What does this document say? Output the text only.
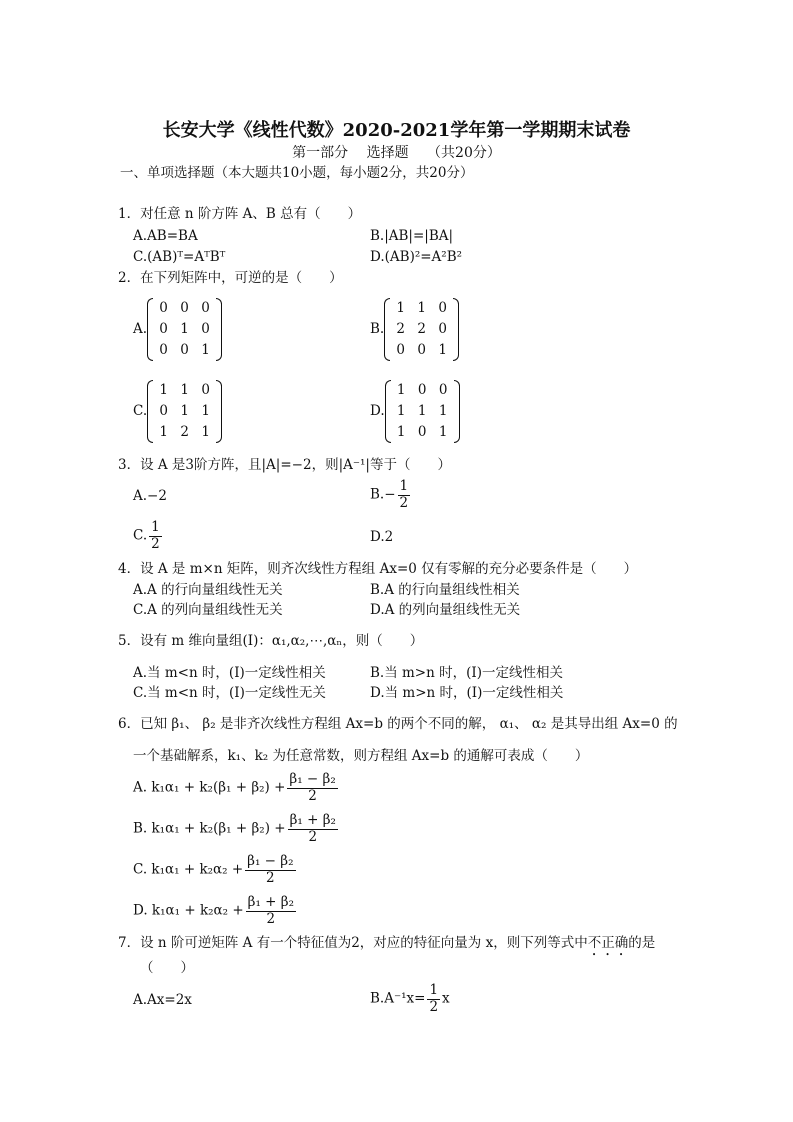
长安大学《线性代数》2020-2021学年第一学期期末试卷
第一部分　 选择题　 （共20分）
一、单项选择题（本大题共10小题，每小题2分，共20分）
1．对任意 n 阶方阵 A、B 总有（　　）
A.AB=BA	B.|AB|=|BA|
C.(AB)ᵀ=AᵀBᵀ	D.(AB)²=A²B²
2．在下列矩阵中，可逆的是（　　）
A.
0	0	0
0	1	0
0	0	1
B.
1	1	0
2	2	0
0	0	1
C.
1	1	0
0	1	1
1	2	1
D.
1	0	0
1	1	1
1	0	1
3．设 A 是3阶方阵，且|A|=−2，则|A⁻¹|等于（　　）
A.−2	$B.- \frac{1}{2}$
C. $\frac{1}{2}$	D.2
4．设 A 是 m×n 矩阵，则齐次线性方程组 Ax=0 仅有零解的充分必要条件是（　　）
A.A 的行向量组线性无关	B.A 的行向量组线性相关
C.A 的列向量组线性无关	D.A 的列向量组线性无关
5．设有 m 维向量组(I)：α₁,α₂,⋯,αₙ，则（　　）
A.当 m<n 时，(I)一定线性相关	B.当 m>n 时，(I)一定线性相关
C.当 m<n 时，(I)一定线性无关	D.当 m>n 时，(I)一定线性相关
6．已知 β₁、 β₂ 是非齐次线性方程组 Ax=b 的两个不同的解， α₁、 α₂ 是其导出组 Ax=0 的
一个基础解系，k₁、k₂ 为任意常数，则方程组 Ax=b 的通解可表成（　　）
A. $k_1\alpha_1 + k_2(\beta_1 + \beta_2) + \frac{\text{β₁ − β₂}}{2}$
B. $k_1\alpha_1 + k_2(\beta_1 + \beta_2) + \frac{\text{β₁ + β₂}}{2}$
C. $k_1\alpha_1 + k_2\alpha_2 + \frac{\text{β₁ − β₂}}{2}$
D. $k_1\alpha_1 + k_2\alpha_2 + \frac{\text{β₁ + β₂}}{2}$
7．设 n 阶可逆矩阵 A 有一个特征值为2，对应的特征向量为 x，则下列等式中不正确的是
（　　）
A.Ax=2x	$B.A^{-1}x= \frac{1}{2}$ x
